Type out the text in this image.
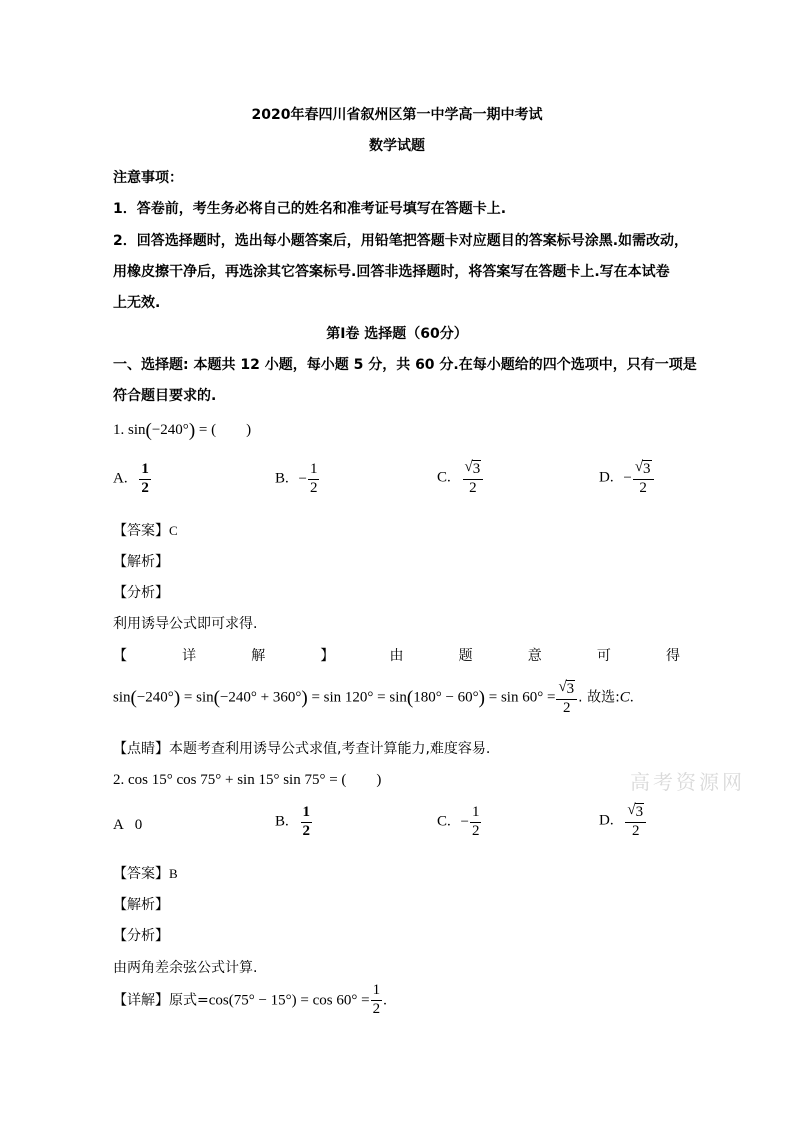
2020年春四川省叙州区第一中学高一期中考试
数学试题
注意事项：
1．答卷前，考生务必将自己的姓名和准考证号填写在答题卡上.
2．回答选择题时，选出每小题答案后，用铅笔把答题卡对应题目的答案标号涂黑.如需改动，
用橡皮擦干净后，再选涂其它答案标号.回答非选择题时，将答案写在答题卡上.写在本试卷
上无效.
第Ⅰ卷 选择题（60分）
一、选择题: 本题共 12 小题，每小题 5 分，共 60 分.在每小题给的四个选项中，只有一项是
符合题目要求的.
1. sin(−240°) = (　　)
A. $\frac{1}{2}$	B. − $\frac{1}{2}$	C. $\frac{√ 3}{2}$	D. − $\frac{√ 3}{2}$
【答案】C
【解析】
【分析】
利用诱导公式即可求得.
【	详	解	】	由	题	意	可	得
$\sin(-240^\circ) = \sin(-240^\circ + 360^\circ) = \sin 120^\circ = \sin(180^\circ - 60^\circ) = \sin 60^\circ = \frac{√ 3}{2}$ . 故选:C.
【点睛】本题考查利用诱导公式求值,考查计算能力,难度容易.
高考资源网
2. cos 15° cos 75° + sin 15° sin 75° = (　　)
A 0	B. $\frac{1}{2}$	C. − $\frac{1}{2}$	D. $\frac{√ 3}{2}$
【答案】B
【解析】
【分析】
由两角差余弦公式计算.
【详解】原式$=\cos(75^\circ - 15^\circ) = \cos 60^\circ = \frac{1}{2}$ .
